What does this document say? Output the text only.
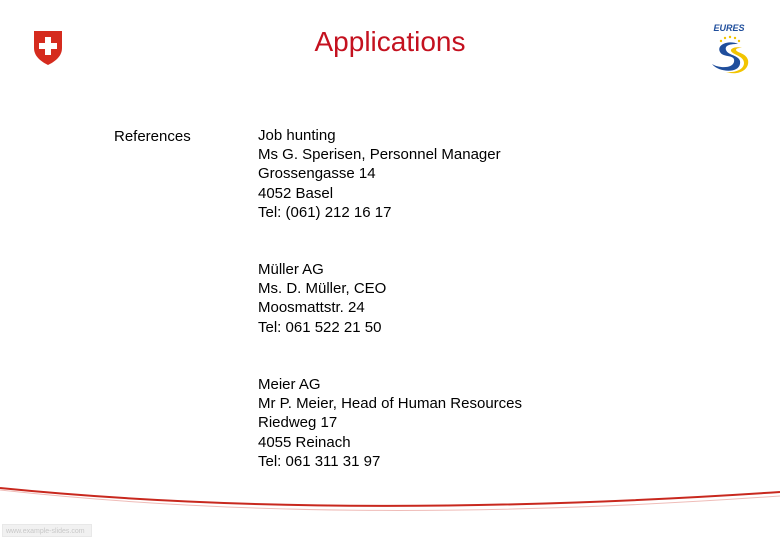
Applications	EURES
References	Job hunting
Ms G. Sperisen, Personnel Manager
Grossengasse 14
4052 Basel
Tel: (061) 212 16 17
Müller AG
Ms. D. Müller, CEO
Moosmattstr. 24
Tel: 061 522 21 50
Meier AG
Mr P. Meier, Head of Human Resources
Riedweg 17
4055 Reinach
Tel: 061 311 31 97
www.example-slides.com
